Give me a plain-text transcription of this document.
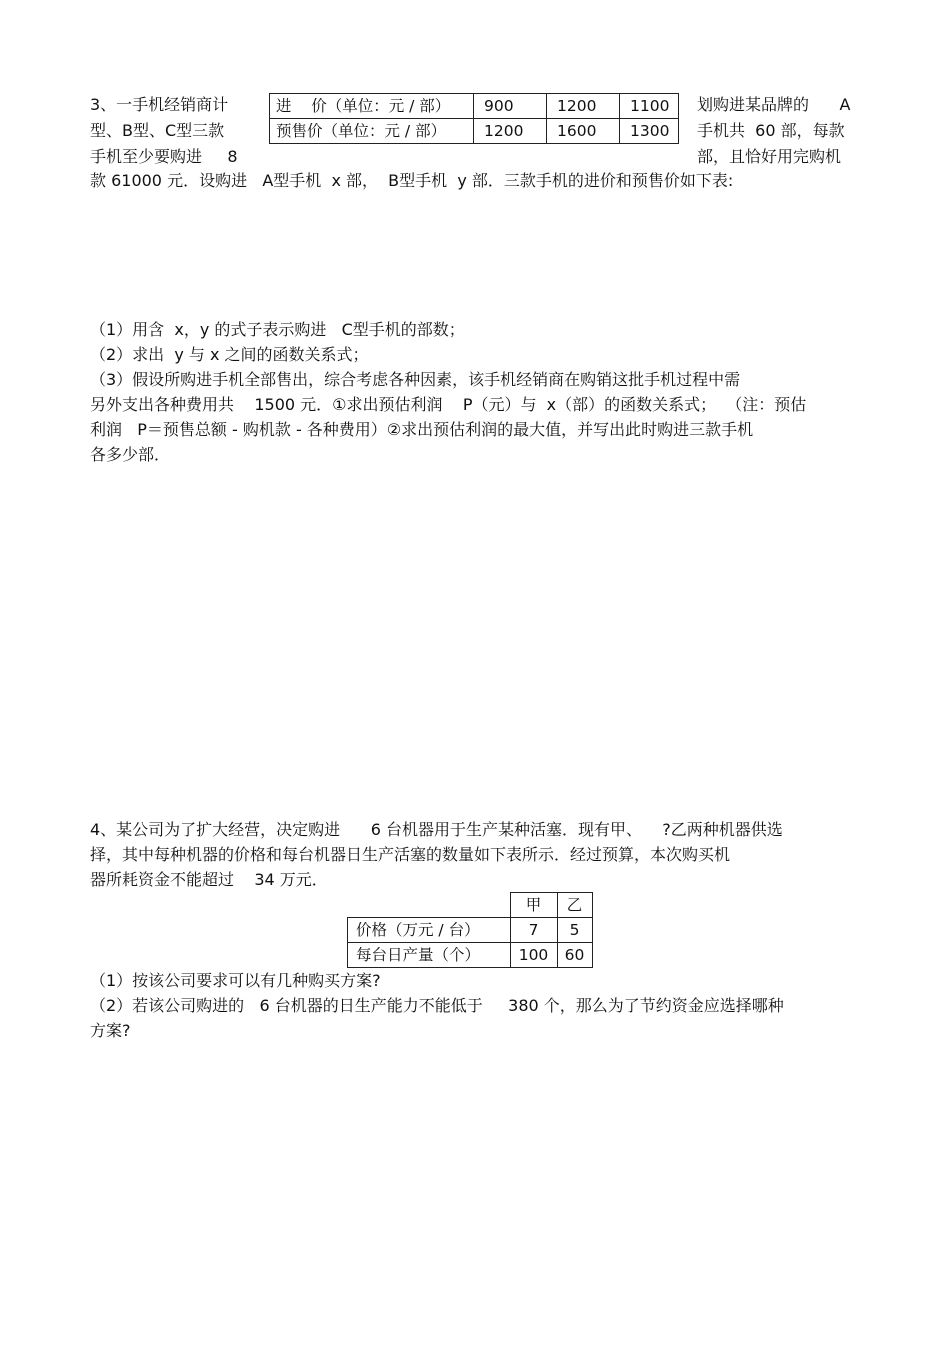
3、一手机经销商计
型、B型、C型三款
手机至少要购进     8
进    价（单位：元 / 部）	900	1200	1100
预售价（单位：元 / 部）	1200	1600	1300
划购进某品牌的      A
手机共  60 部，每款
部，且恰好用完购机
款 61000 元．设购进   A型手机  x 部，  B型手机  y 部．三款手机的进价和预售价如下表:
（1）用含  x，y 的式子表示购进   C型手机的部数；
（2）求出  y 与 x 之间的函数关系式；
（3）假设所购进手机全部售出，综合考虑各种因素，该手机经销商在购销这批手机过程中需
另外支出各种费用共    1500 元．①求出预估利润    P（元）与  x（部）的函数关系式；  （注：预估
利润   P＝预售总额 - 购机款 - 各种费用）②求出预估利润的最大值，并写出此时购进三款手机
各多少部．
4、某公司为了扩大经营，决定购进      6 台机器用于生产某种活塞．现有甲、    ?乙两种机器供选
择，其中每种机器的价格和每台机器日生产活塞的数量如下表所示．经过预算，本次购买机
器所耗资金不能超过    34 万元．
	甲	乙
价格（万元 / 台）	7	5
每台日产量（个）	100	60
（1）按该公司要求可以有几种购买方案?
（2）若该公司购进的   6 台机器的日生产能力不能低于     380 个，那么为了节约资金应选择哪种
方案?
